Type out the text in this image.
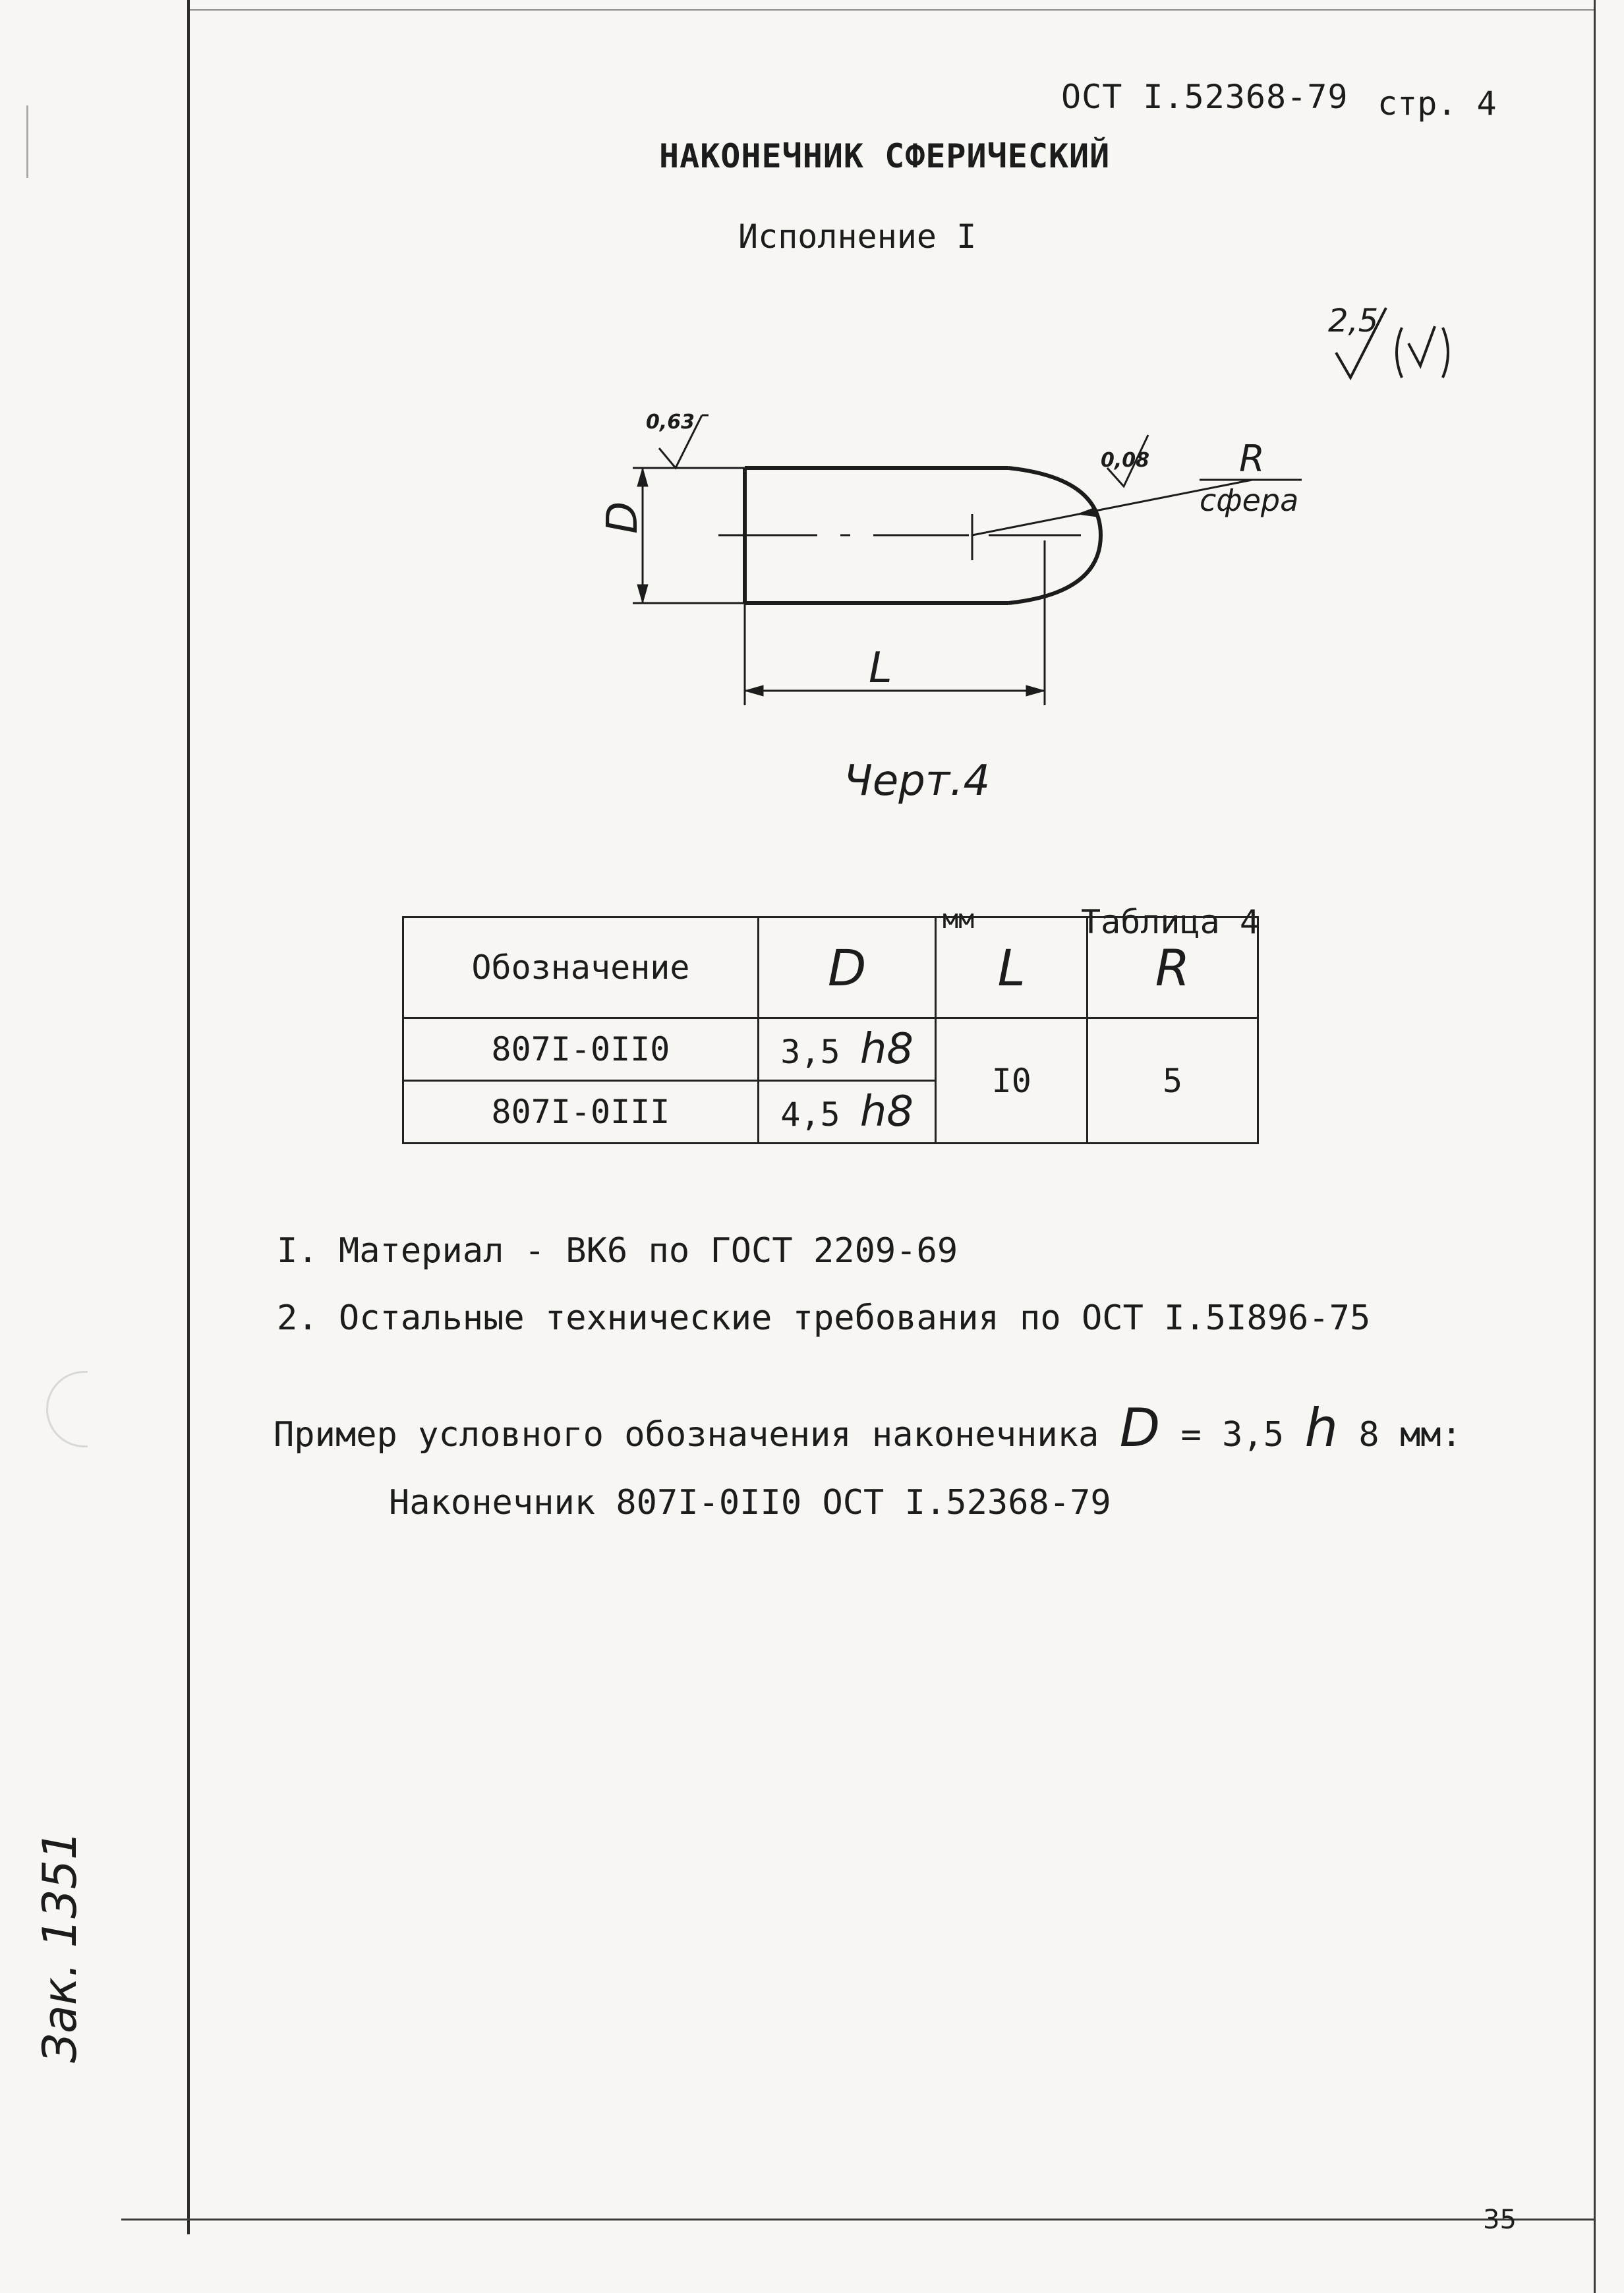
ОСТ I.52368-79 стр. 4
НАКОНЕЧНИК СФЕРИЧЕСКИЙ
Исполнение I
2,5
D
L
R
сфера
0,63
0,08
Черт.4
мм	Таблица 4
Обозначение	D	L	R
807I-0II0	3,5 h8	I0	5
807I-0III	4,5 h8		
I. Материал - ВК6 по ГОСТ 2209-69
2. Остальные технические требования по ОСТ I.5I896-75
Пример условного обозначения наконечника D = 3,5 h 8 мм:
Наконечник 807I-0II0 ОСТ I.52368-79
Зак. 1351
35
